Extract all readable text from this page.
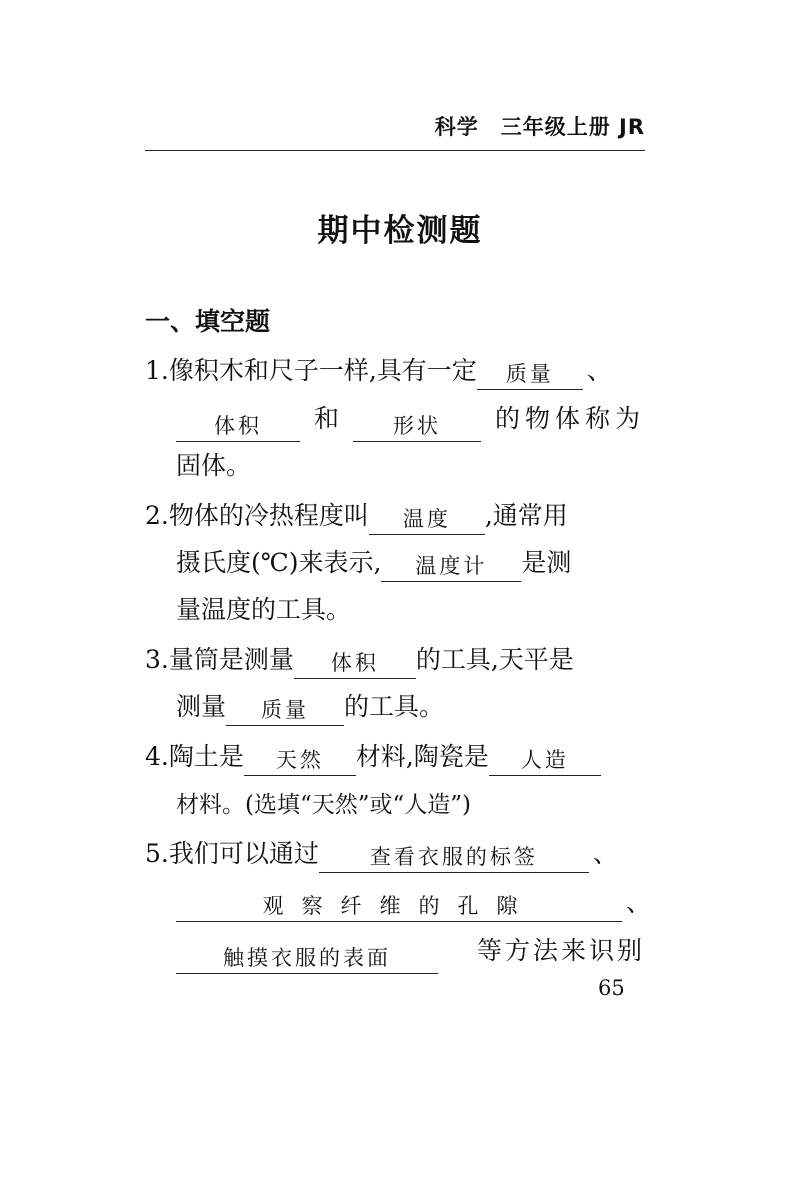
科学 三年级上册 JR
期中检测题
一、填空题
1.像积木和尺子一样,具有一定 质量 、
体积	和	形状	的物体称为
固体。
2.物体的冷热程度叫 温度 ,通常用
摄氏度(℃)来表示, 温度计 是测
量温度的工具。
3.量筒是测量 体积 的工具,天平是
测量 质量 的工具。
4.陶土是 天然 材料,陶瓷是 人造
材料。(选填“天然”或“人造”)
5.我们可以通过 查看衣服的标签 、
观察纤维的孔隙	、
触摸衣服的表面	等方法来识别
65
